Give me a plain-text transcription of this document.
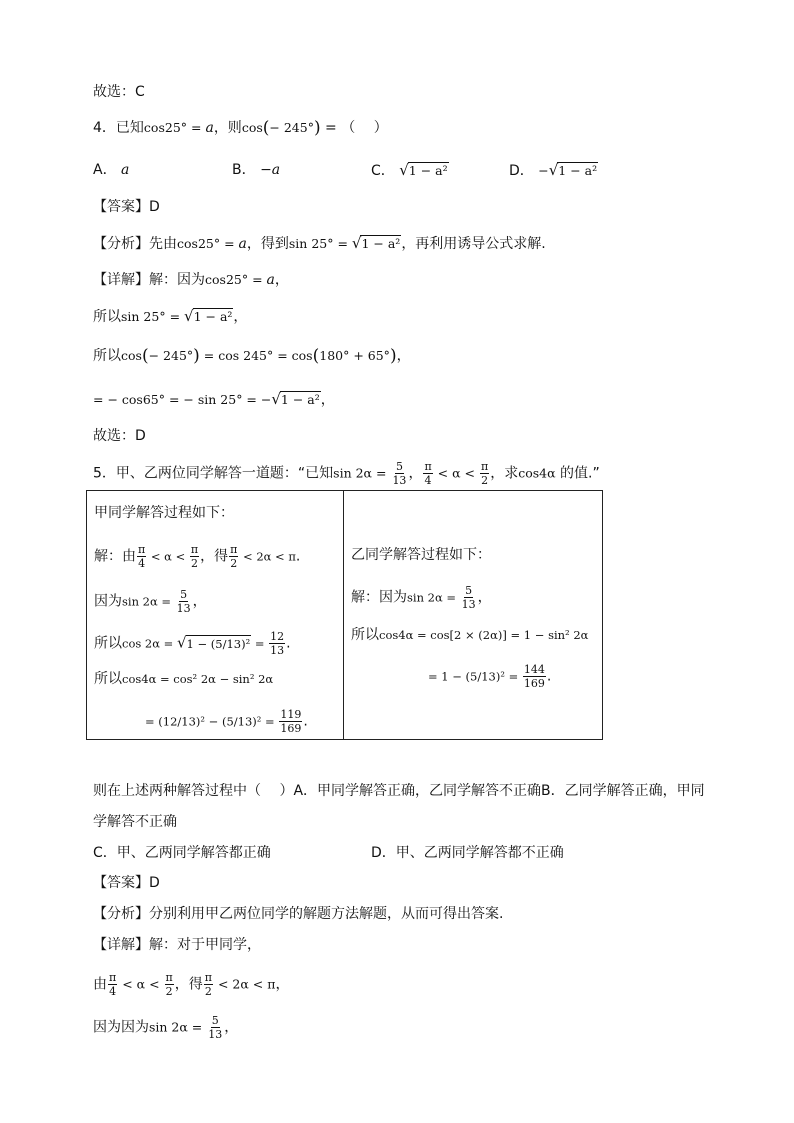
故选：C
4．已知cos25° = a，则cos(− 245°) = （　 ）
A． a	B． −a	C． √1 − a²	D． −√1 − a²
【答案】D
【分析】先由cos25° = a，得到sin 25° = √1 − a²，再利用诱导公式求解.
【详解】解：因为cos25° = a，
所以sin 25° = √1 − a²，
所以cos(− 245°) = cos 245° = cos(180° + 65°)，
= − cos65° = − sin 25° = −√1 − a²，
故选：D
5．甲、乙两位同学解答一道题：“已知$\sin 2\alpha = \frac{5}{13}$ ， $\frac{\pi}{4} < \alpha < \frac{\pi}{2}$ ，求cos4α 的值.”
甲同学解答过程如下：
解：由 $\frac{\pi}{4} < \alpha < \frac{\pi}{2}$ ，得 $\frac{\pi}{2} < 2\alpha < \pi$.
因为$\sin 2\alpha = \frac{5}{13}$ ，
所以$\cos 2\alpha = √1 - (5/13)^2 = \frac{12}{13}$ .
所以cos4α = cos² 2α − sin² 2α
= $(12/13)^2 - (5/13)^2 = \frac{119}{169}$ .
乙同学解答过程如下：
解：因为$\sin 2\alpha = \frac{5}{13}$ ，
所以cos4α = cos[2 × (2α)] = 1 − sin² 2α
= $1 - (5/13)^2 = \frac{144}{169}$ .
则在上述两种解答过程中（　 ）A．甲同学解答正确，乙同学解答不正确B．乙同学解答正确，甲同
学解答不正确
C．甲、乙两同学解答都正确	D．甲、乙两同学解答都不正确
【答案】D
【分析】分别利用甲乙两位同学的解题方法解题，从而可得出答案.
【详解】解：对于甲同学，
由 $\frac{\pi}{4} < \alpha < \frac{\pi}{2}$ ，得 $\frac{\pi}{2} < 2\alpha < \pi$，
因为因为$\sin 2\alpha = \frac{5}{13}$ ，
